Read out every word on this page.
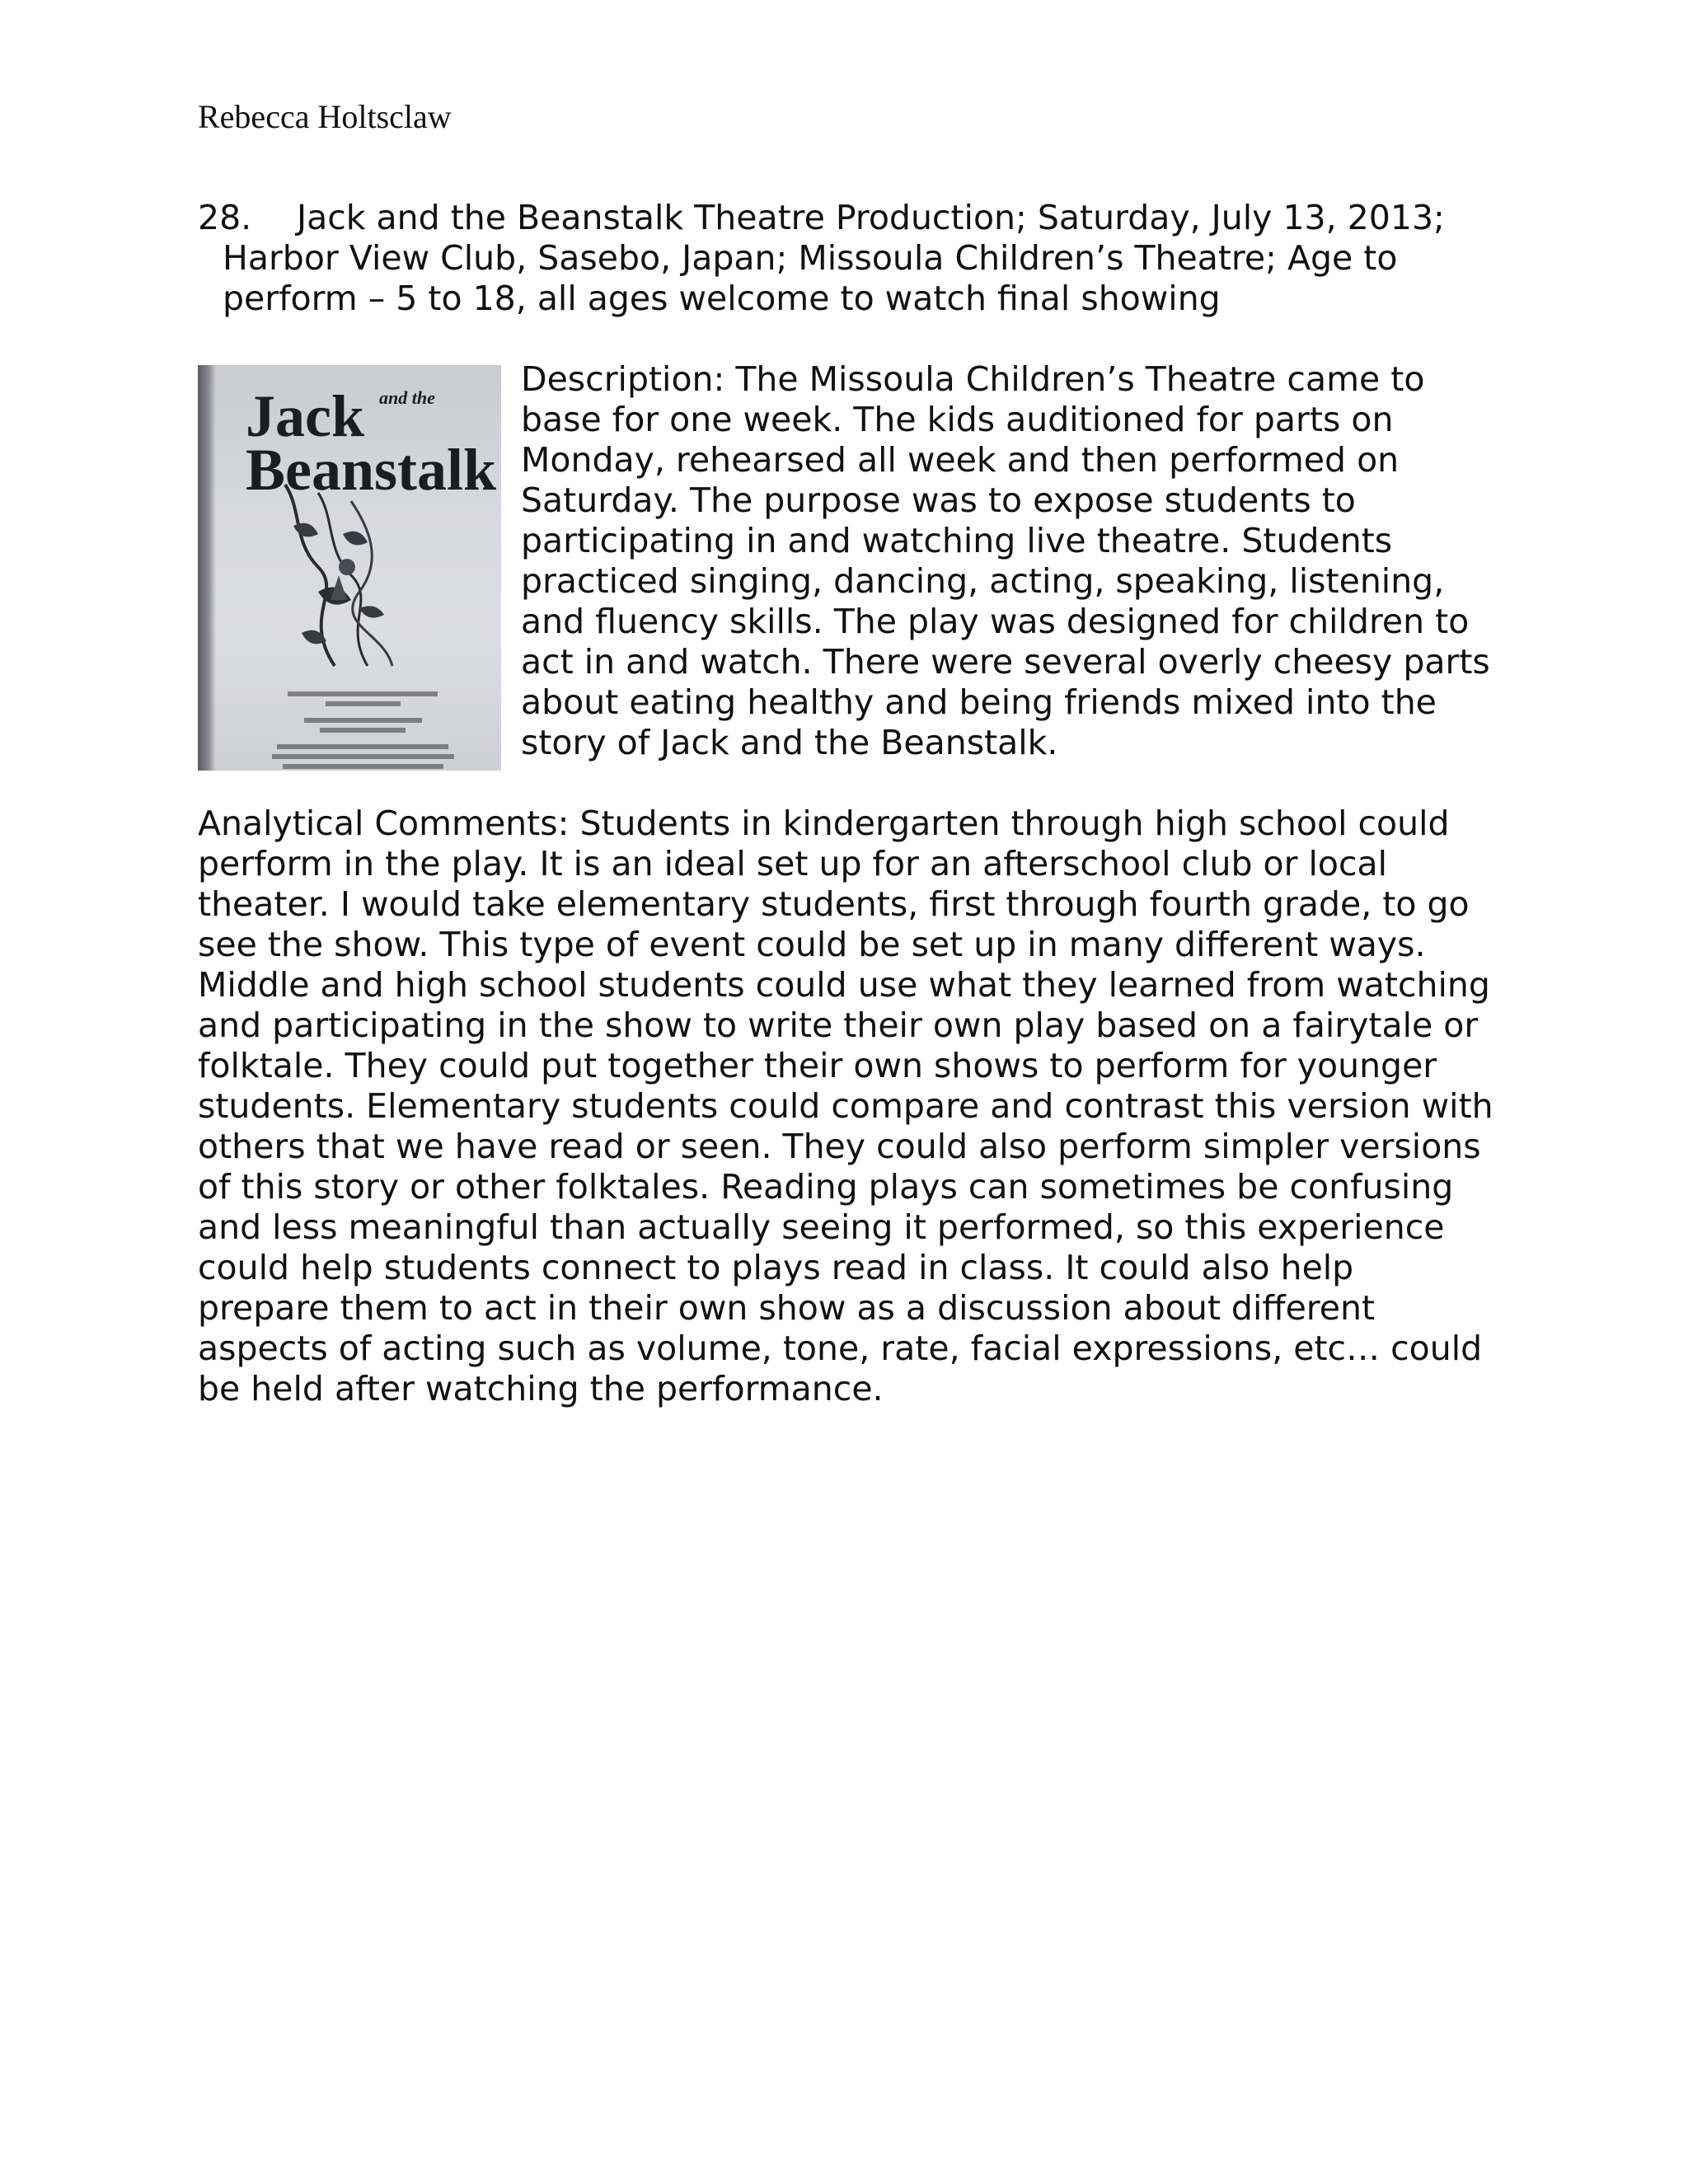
Rebecca Holtsclaw
28. Jack and the Beanstalk Theatre Production; Saturday, July 13, 2013;
Harbor View Club, Sasebo, Japan; Missoula Children’s Theatre; Age to
perform – 5 to 18, all ages welcome to watch final showing
Jack $^{and the}$
Beanstalk
Description: The Missoula Children’s Theatre came to base for one week. The kids auditioned for parts on Monday, rehearsed all week and then performed on Saturday. The purpose was to expose students to participating in and watching live theatre. Students practiced singing, dancing, acting, speaking, listening, and fluency skills. The play was designed for children to act in and watch. There were several overly cheesy parts about eating healthy and being friends mixed into the story of Jack and the Beanstalk.
Analytical Comments: Students in kindergarten through high school could perform in the play. It is an ideal set up for an afterschool club or local theater. I would take elementary students, first through fourth grade, to go see the show. This type of event could be set up in many different ways. Middle and high school students could use what they learned from watching and participating in the show to write their own play based on a fairytale or folktale. They could put together their own shows to perform for younger students. Elementary students could compare and contrast this version with others that we have read or seen. They could also perform simpler versions of this story or other folktales. Reading plays can sometimes be confusing and less meaningful than actually seeing it performed, so this experience could help students connect to plays read in class. It could also help prepare them to act in their own show as a discussion about different aspects of acting such as volume, tone, rate, facial expressions, etc… could be held after watching the performance.
